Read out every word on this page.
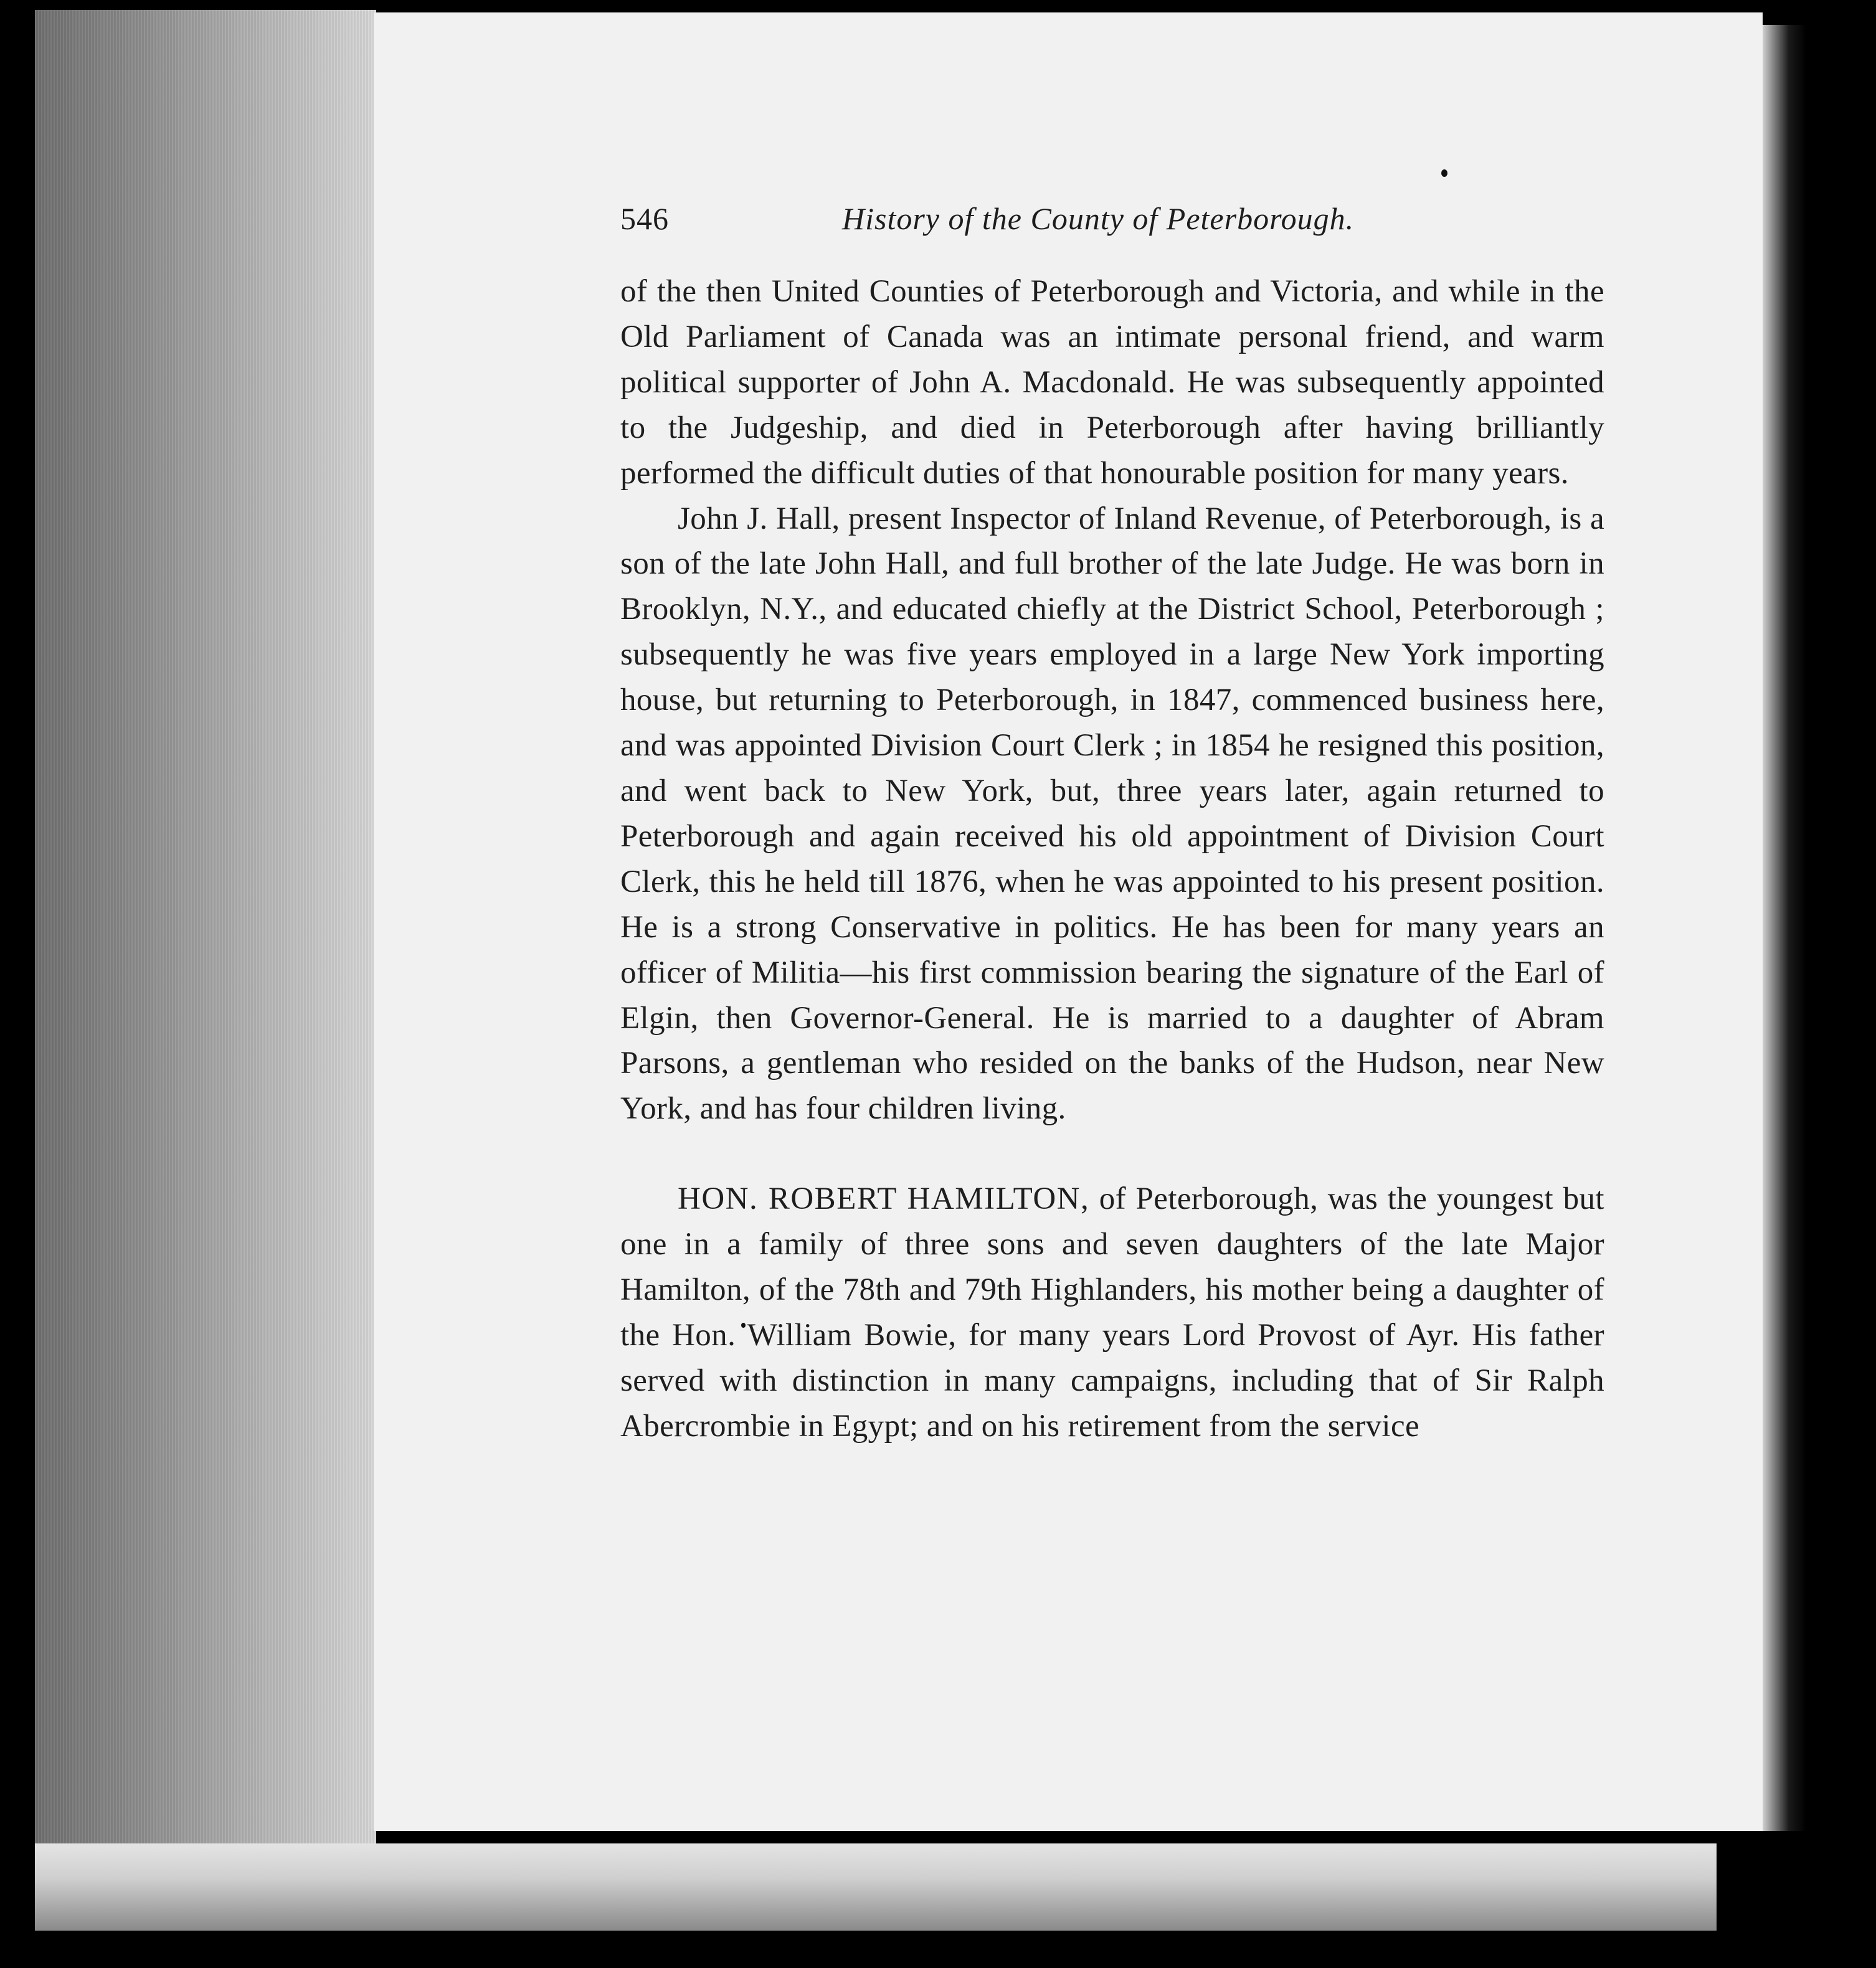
546	History of the County of Peterborough.

of the then United Counties of Peterborough and Victoria, and while in the Old Parliament of Canada was an intimate personal friend, and warm political supporter of John A. Macdonald. He was subsequently appointed to the Judgeship, and died in Peterborough after having brilliantly performed the difficult duties of that honourable position for many years.

John J. Hall, present Inspector of Inland Revenue, of Peterborough, is a son of the late John Hall, and full brother of the late Judge. He was born in Brooklyn, N.Y., and educated chiefly at the District School, Peterborough ; subsequently he was five years employed in a large New York importing house, but returning to Peterborough, in 1847, commenced business here, and was appointed Division Court Clerk ; in 1854 he resigned this position, and went back to New York, but, three years later, again returned to Peterborough and again received his old appointment of Division Court Clerk, this he held till 1876, when he was appointed to his present position. He is a strong Conservative in politics. He has been for many years an officer of Militia—his first commission bearing the signature of the Earl of Elgin, then Governor-General. He is married to a daughter of Abram Parsons, a gentleman who resided on the banks of the Hudson, near New York, and has four children living.

HON. ROBERT HAMILTON, of Peterborough, was the youngest but one in a family of three sons and seven daughters of the late Major Hamilton, of the 78th and 79th Highlanders, his mother being a daughter of the Hon. William Bowie, for many years Lord Provost of Ayr. His father served with distinction in many campaigns, including that of Sir Ralph Abercrombie in Egypt; and on his retirement from the service
